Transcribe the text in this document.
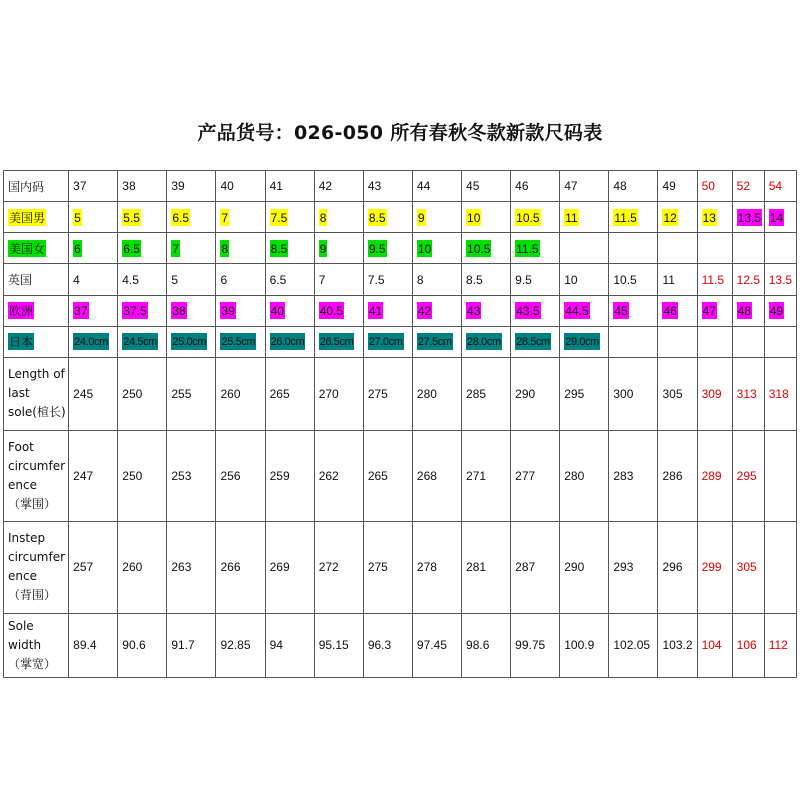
产品货号：026-050 所有春秋冬款新款尺码表
国内码	37	38	39	40	41	42	43	44	45	46	47	48	49	50	52	54
美国男	5	5.5	6.5	7	7.5	8	8.5	9	10	10.5	11	11.5	12	13	13.5	14
美国女	6	6.5	7	8	8.5	9	9.5	10	10.5	11.5						
英国	4	4.5	5	6	6.5	7	7.5	8	8.5	9.5	10	10.5	11	11.5	12.5	13.5
欧洲	37	37.5	38	39	40	40.5	41	42	43	43.5	44.5	45	46	47	48	49
日本	24.0cm	24.5cm	25.0cm	25.5cm	26.0cm	26.5cm	27.0cm	27.5cm	28.0cm	28.5cm	29.0cm					

Length of
last
sole(楦长)	245	250	255	260	265	270	275	280	285	290	295	300	305	309	313	318

Foot
circumfer
ence
（掌围）	247	250	253	256	259	262	265	268	271	277	280	283	286	289	295	

Instep
circumfer
ence
（背围）	257	260	263	266	269	272	275	278	281	287	290	293	296	299	305	

Sole
width
（掌宽）	89.4	90.6	91.7	92.85	94	95.15	96.3	97.45	98.6	99.75	100.9	102.05	103.2	104	106	112
